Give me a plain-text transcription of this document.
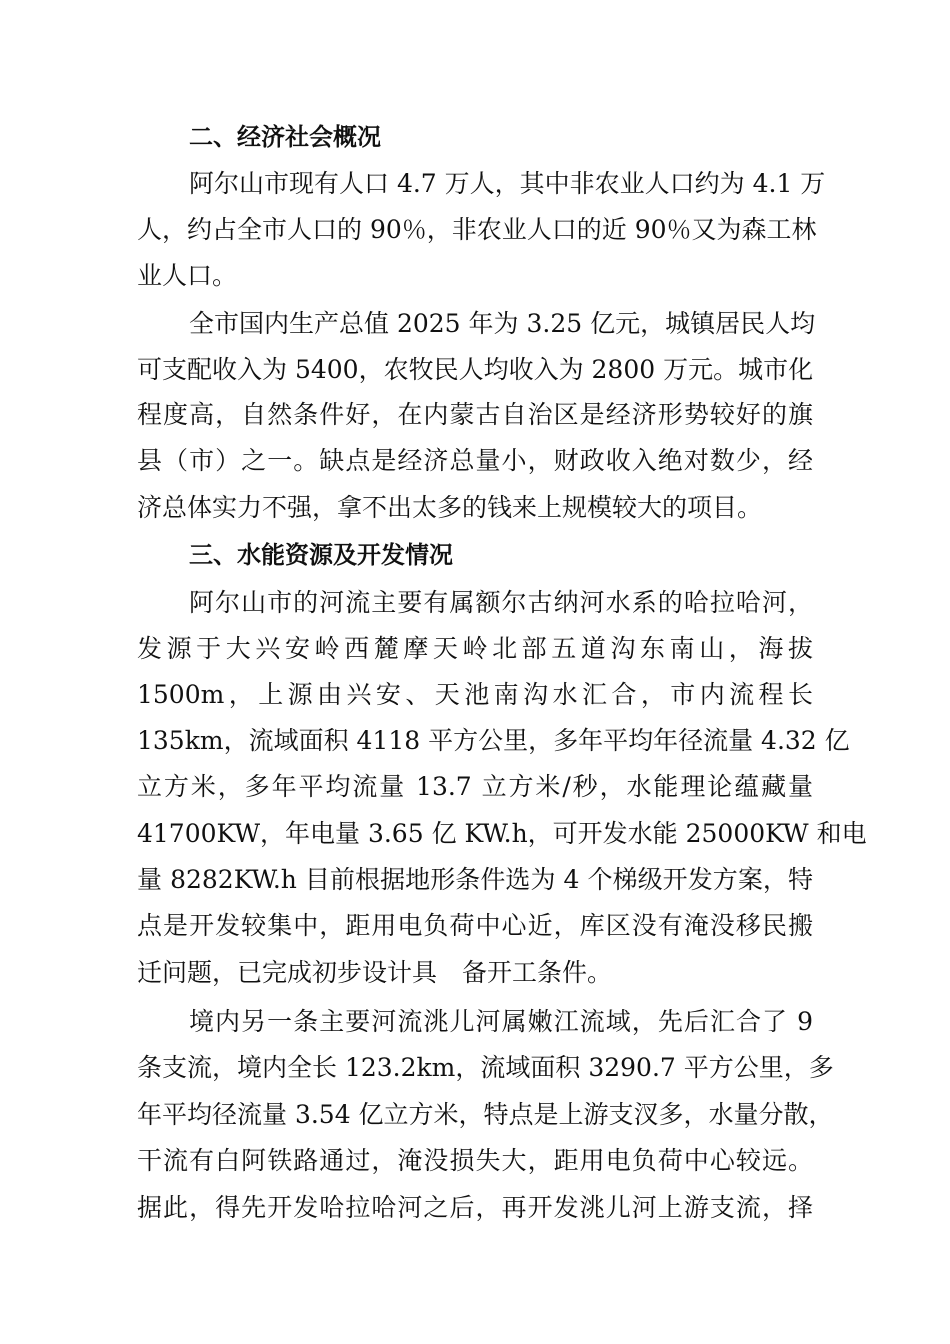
二、经济社会概况
阿尔山市现有人口 4.7 万人，其中非农业人口约为 4.1 万
人，约占全市人口的 90％，非农业人口的近 90％又为森工林
业人口。
全市国内生产总值 2025 年为 3.25 亿元，城镇居民人均
可支配收入为 5400，农牧民人均收入为 2800 万元。城市化
程度高，自然条件好，在内蒙古自治区是经济形势较好的旗
县（市）之一。缺点是经济总量小，财政收入绝对数少，经
济总体实力不强，拿不出太多的钱来上规模较大的项目。
三、水能资源及开发情况
阿尔山市的河流主要有属额尔古纳河水系的哈拉哈河，
发源于大兴安岭西麓摩天岭北部五道沟东南山，海拔
1500m，上源由兴安、天池南沟水汇合，市内流程长
135km，流域面积 4118 平方公里，多年平均年径流量 4.32 亿
立方米，多年平均流量 13.7 立方米/秒，水能理论蕴藏量
41700KW，年电量 3.65 亿 KW.h，可开发水能 25000KW 和电
量 8282KW.h 目前根据地形条件选为 4 个梯级开发方案，特
点是开发较集中，距用电负荷中心近，库区没有淹没移民搬
迁问题，已完成初步设计具　备开工条件。
境内另一条主要河流洮儿河属嫩江流域，先后汇合了 9
条支流，境内全长 123.2km，流域面积 3290.7 平方公里，多
年平均径流量 3.54 亿立方米，特点是上游支汊多，水量分散，
干流有白阿铁路通过，淹没损失大，距用电负荷中心较远。
据此，得先开发哈拉哈河之后，再开发洮儿河上游支流，择
